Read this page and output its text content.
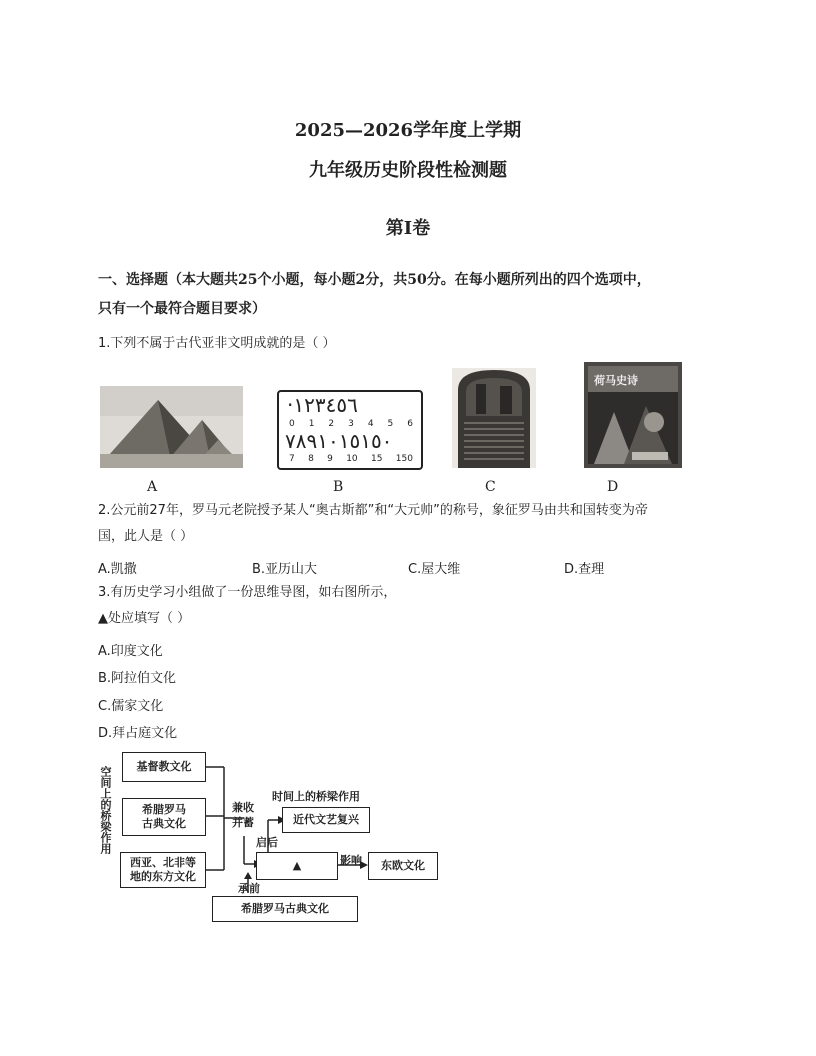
2025—2026学年度上学期
九年级历史阶段性检测题
第I卷
一、选择题（本大题共25个小题，每小题2分，共50分。在每小题所列出的四个选项中，
只有一个最符合题目要求）
1.下列不属于古代亚非文明成就的是（ ）
A
·١٢٣٤٥٦
0 1 2 3 4 5 6
٧٨٩١٠١٥١٥٠
7 8 9 10 15 150
B	C
荷马史诗
D
2.公元前27年，罗马元老院授予某人“奥古斯都”和“大元帅”的称号，象征罗马由共和国转变为帝
国，此人是（ ）
A.凯撒	B.亚历山大	C.屋大维	D.查理
3.有历史学习小组做了一份思维导图，如右图所示，
▲处应填写（ ）
A.印度文化
B.阿拉伯文化
C.儒家文化
D.拜占庭文化
空间上的桥梁作用 基督教文化
希腊罗马
古典文化
西亚、北非等
地的东方文化
兼收
并蓄
时间上的桥梁作用
近代文艺复兴
启后
▲	影响 东欧文化
承前
希腊罗马古典文化
